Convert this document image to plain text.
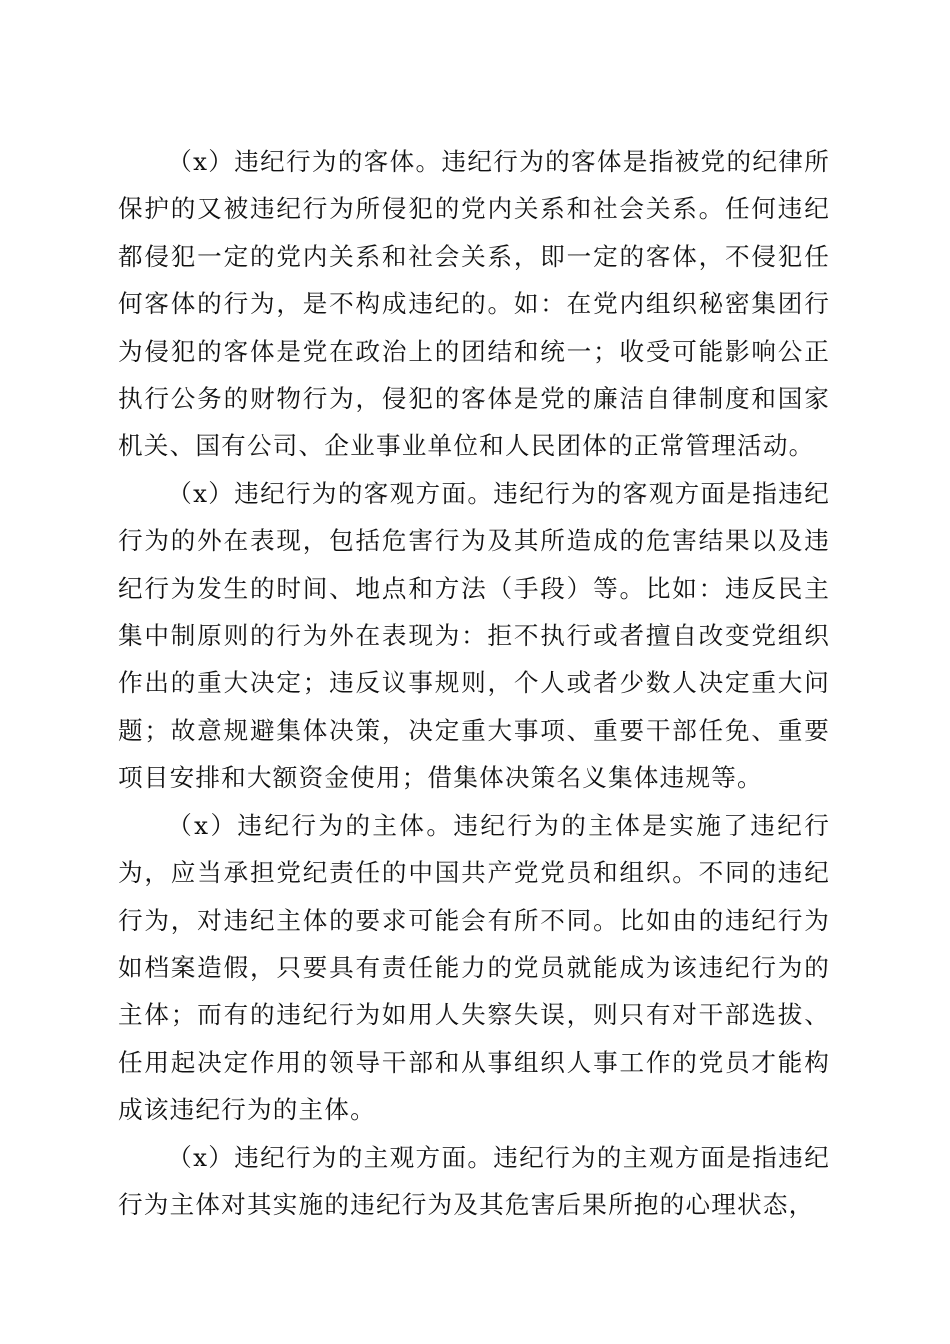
（x）违纪行为的客体。违纪行为的客体是指被党的纪律所保护的又被违纪行为所侵犯的党内关系和社会关系。任何违纪都侵犯一定的党内关系和社会关系，即一定的客体，不侵犯任何客体的行为，是不构成违纪的。如：在党内组织秘密集团行为侵犯的客体是党在政治上的团结和统一；收受可能影响公正执行公务的财物行为，侵犯的客体是党的廉洁自律制度和国家机关、国有公司、企业事业单位和人民团体的正常管理活动。

（x）违纪行为的客观方面。违纪行为的客观方面是指违纪行为的外在表现，包括危害行为及其所造成的危害结果以及违纪行为发生的时间、地点和方法（手段）等。比如：违反民主集中制原则的行为外在表现为：拒不执行或者擅自改变党组织作出的重大决定；违反议事规则，个人或者少数人决定重大问题；故意规避集体决策，决定重大事项、重要干部任免、重要项目安排和大额资金使用；借集体决策名义集体违规等。

（x）违纪行为的主体。违纪行为的主体是实施了违纪行为，应当承担党纪责任的中国共产党党员和组织。不同的违纪行为，对违纪主体的要求可能会有所不同。比如由的违纪行为如档案造假，只要具有责任能力的党员就能成为该违纪行为的主体；而有的违纪行为如用人失察失误，则只有对干部选拔、任用起决定作用的领导干部和从事组织人事工作的党员才能构成该违纪行为的主体。

（x）违纪行为的主观方面。违纪行为的主观方面是指违纪行为主体对其实施的违纪行为及其危害后果所抱的心理状态，
